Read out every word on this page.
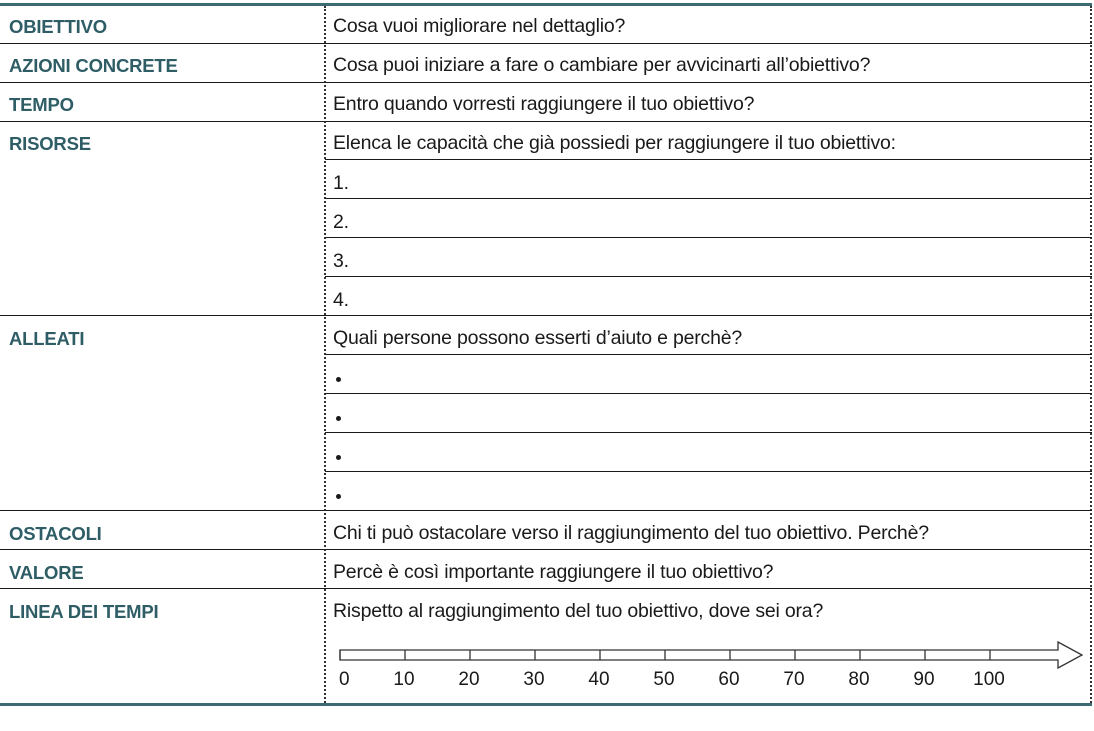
OBIETTIVO	Cosa vuoi migliorare nel dettaglio?
AZIONI CONCRETE	Cosa puoi iniziare a fare o cambiare per avvicinarti all’obiettivo?
TEMPO	Entro quando vorresti raggiungere il tuo obiettivo?
RISORSE	Elenca le capacità che già possiedi per raggiungere il tuo obiettivo:
1.
2.
3.
4.
ALLEATI	Quali persone possono esserti d’aiuto e perchè?
OSTACOLI	Chi ti può ostacolare verso il raggiungimento del tuo obiettivo. Perchè?
VALORE	Percè è così importante raggiungere il tuo obiettivo?
LINEA DEI TEMPI	Rispetto al raggiungimento del tuo obiettivo, dove sei ora?
0 10 20 30 40 50 60 70 80 90 100
